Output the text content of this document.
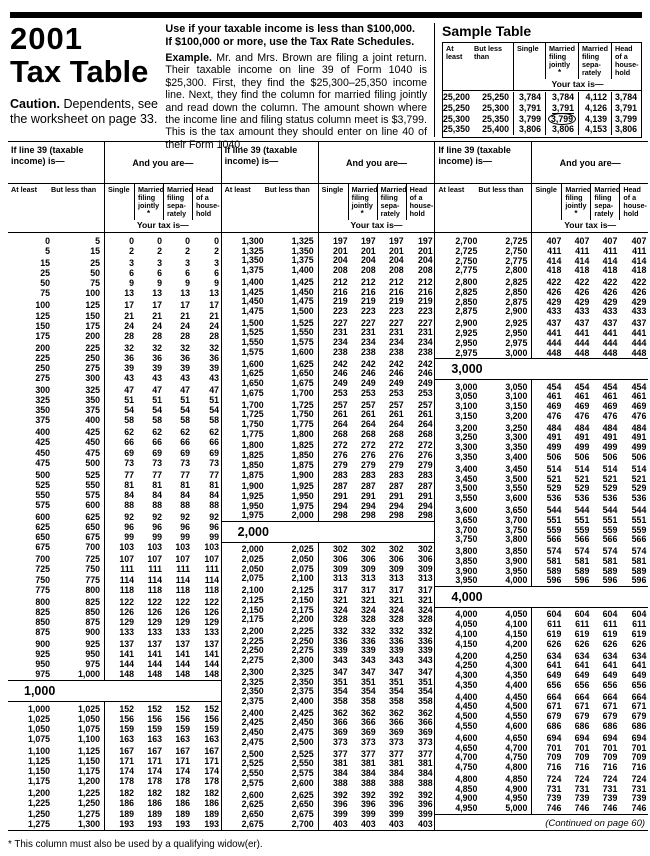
2001
Tax Table

Caution. Dependents, see the worksheet on page 33.

Use if your taxable income is less than $100,000.
If $100,000 or more, use the Tax Rate Schedules.

Example. Mr. and Mrs. Brown are filing a joint return. Their taxable income on line 39 of Form 1040 is $25,300. First, they find the $25,300–25,350 income line. Next, they find the column for married filing jointly and read down the column. The amount shown where the income line and filing status column meet is $3,799. This is the tax amount they should enter on line 40 of their Form 1040.

Sample Table
At least
But less than
Single	Married filing jointly
*
Married filing sepa- rately
Head of a house- hold
Your tax is—
25,200	25,250	3,784	3,784	4,112 3,784
25,250	25,300	3,791	3,791	4,126 3,791
25,300	25,350	3,799	3,799	4,139 3,799
25,350	25,400	3,806	3,806	4,153 3,806
If line 39 (taxable income) is—	And you are—
At least	But less than	Single	Married filing jointly
*
Married filing sepa- rately
Head of a house- hold
Your tax is—
0	5	0	0	0	0
5	15	2	2	2	2
15	25	3	3	3	3
25	50	6	6	6	6
50	75	9	9	9	9
75	100	13	13	13	13
100	125	17	17	17	17
125	150	21	21	21	21
150	175	24	24	24	24
175	200	28	28	28	28
200	225	32	32	32	32
225	250	36	36	36	36
250	275	39	39	39	39
275	300	43	43	43	43
300	325	47	47	47	47
325	350	51	51	51	51
350	375	54	54	54	54
375	400	58	58	58	58
400	425	62	62	62	62
425	450	66	66	66	66
450	475	69	69	69	69
475	500	73	73	73	73
500	525	77	77	77	77
525	550	81	81	81	81
550	575	84	84	84	84
575	600	88	88	88	88
600	625	92	92	92	92
625	650	96	96	96	96
650	675	99	99	99	99
675	700	103	103	103	103
700	725	107	107	107	107
725	750	111	111	111	111
750	775	114	114	114	114
775	800	118	118	118	118
800	825	122	122	122	122
825	850	126	126	126	126
850	875	129	129	129	129
875	900	133	133	133	133
900	925	137	137	137	137
925	950	141	141	141	141
950	975	144	144	144	144
975	1,000	148	148	148	148
1,000
1,000	1,025	152	152	152	152
1,025	1,050	156	156	156	156
1,050	1,075	159	159	159	159
1,075	1,100	163	163	163	163
1,100	1,125	167	167	167	167
1,125	1,150	171	171	171	171
1,150	1,175	174	174	174	174
1,175	1,200	178	178	178	178
1,200	1,225	182	182	182	182
1,225	1,250	186	186	186	186
1,250	1,275	189	189	189	189
1,275	1,300	193	193	193	193
If line 39 (taxable income) is—	And you are—
At least	But less than	Single	Married filing jointly
*
Married filing sepa- rately
Head of a house- hold
Your tax is—
1,300	1,325	197	197	197	197
1,325	1,350	201	201	201	201
1,350	1,375	204	204	204	204
1,375	1,400	208	208	208	208
1,400	1,425	212	212	212	212
1,425	1,450	216	216	216	216
1,450	1,475	219	219	219	219
1,475	1,500	223	223	223	223
1,500	1,525	227	227	227	227
1,525	1,550	231	231	231	231
1,550	1,575	234	234	234	234
1,575	1,600	238	238	238	238
1,600	1,625	242	242	242	242
1,625	1,650	246	246	246	246
1,650	1,675	249	249	249	249
1,675	1,700	253	253	253	253
1,700	1,725	257	257	257	257
1,725	1,750	261	261	261	261
1,750	1,775	264	264	264	264
1,775	1,800	268	268	268	268
1,800	1,825	272	272	272	272
1,825	1,850	276	276	276	276
1,850	1,875	279	279	279	279
1,875	1,900	283	283	283	283
1,900	1,925	287	287	287	287
1,925	1,950	291	291	291	291
1,950	1,975	294	294	294	294
1,975	2,000	298	298	298	298
2,000
2,000	2,025	302	302	302	302
2,025	2,050	306	306	306	306
2,050	2,075	309	309	309	309
2,075	2,100	313	313	313	313
2,100	2,125	317	317	317	317
2,125	2,150	321	321	321	321
2,150	2,175	324	324	324	324
2,175	2,200	328	328	328	328
2,200	2,225	332	332	332	332
2,225	2,250	336	336	336	336
2,250	2,275	339	339	339	339
2,275	2,300	343	343	343	343
2,300	2,325	347	347	347	347
2,325	2,350	351	351	351	351
2,350	2,375	354	354	354	354
2,375	2,400	358	358	358	358
2,400	2,425	362	362	362	362
2,425	2,450	366	366	366	366
2,450	2,475	369	369	369	369
2,475	2,500	373	373	373	373
2,500	2,525	377	377	377	377
2,525	2,550	381	381	381	381
2,550	2,575	384	384	384	384
2,575	2,600	388	388	388	388
2,600	2,625	392	392	392	392
2,625	2,650	396	396	396	396
2,650	2,675	399	399	399	399
2,675	2,700	403	403	403	403
If line 39 (taxable income) is—	And you are—
At least	But less than	Single	Married filing jointly
*
Married filing sepa- rately
Head of a house- hold
Your tax is—
2,700	2,725	407	407	407	407
2,725	2,750	411	411	411	411
2,750	2,775	414	414	414	414
2,775	2,800	418	418	418	418
2,800	2,825	422	422	422	422
2,825	2,850	426	426	426	426
2,850	2,875	429	429	429	429
2,875	2,900	433	433	433	433
2,900	2,925	437	437	437	437
2,925	2,950	441	441	441	441
2,950	2,975	444	444	444	444
2,975	3,000	448	448	448	448
3,000
3,000	3,050	454	454	454	454
3,050	3,100	461	461	461	461
3,100	3,150	469	469	469	469
3,150	3,200	476	476	476	476
3,200	3,250	484	484	484	484
3,250	3,300	491	491	491	491
3,300	3,350	499	499	499	499
3,350	3,400	506	506	506	506
3,400	3,450	514	514	514	514
3,450	3,500	521	521	521	521
3,500	3,550	529	529	529	529
3,550	3,600	536	536	536	536
3,600	3,650	544	544	544	544
3,650	3,700	551	551	551	551
3,700	3,750	559	559	559	559
3,750	3,800	566	566	566	566
3,800	3,850	574	574	574	574
3,850	3,900	581	581	581	581
3,900	3,950	589	589	589	589
3,950	4,000	596	596	596	596
4,000
4,000	4,050	604	604	604	604
4,050	4,100	611	611	611	611
4,100	4,150	619	619	619	619
4,150	4,200	626	626	626	626
4,200	4,250	634	634	634	634
4,250	4,300	641	641	641	641
4,300	4,350	649	649	649	649
4,350	4,400	656	656	656	656
4,400	4,450	664	664	664	664
4,450	4,500	671	671	671	671
4,500	4,550	679	679	679	679
4,550	4,600	686	686	686	686
4,600	4,650	694	694	694	694
4,650	4,700	701	701	701	701
4,700	4,750	709	709	709	709
4,750	4,800	716	716	716	716
4,800	4,850	724	724	724	724
4,850	4,900	731	731	731	731
4,900	4,950	739	739	739	739
4,950	5,000	746	746	746	746
(Continued on page 60)
* This column must also be used by a qualifying widow(er).
